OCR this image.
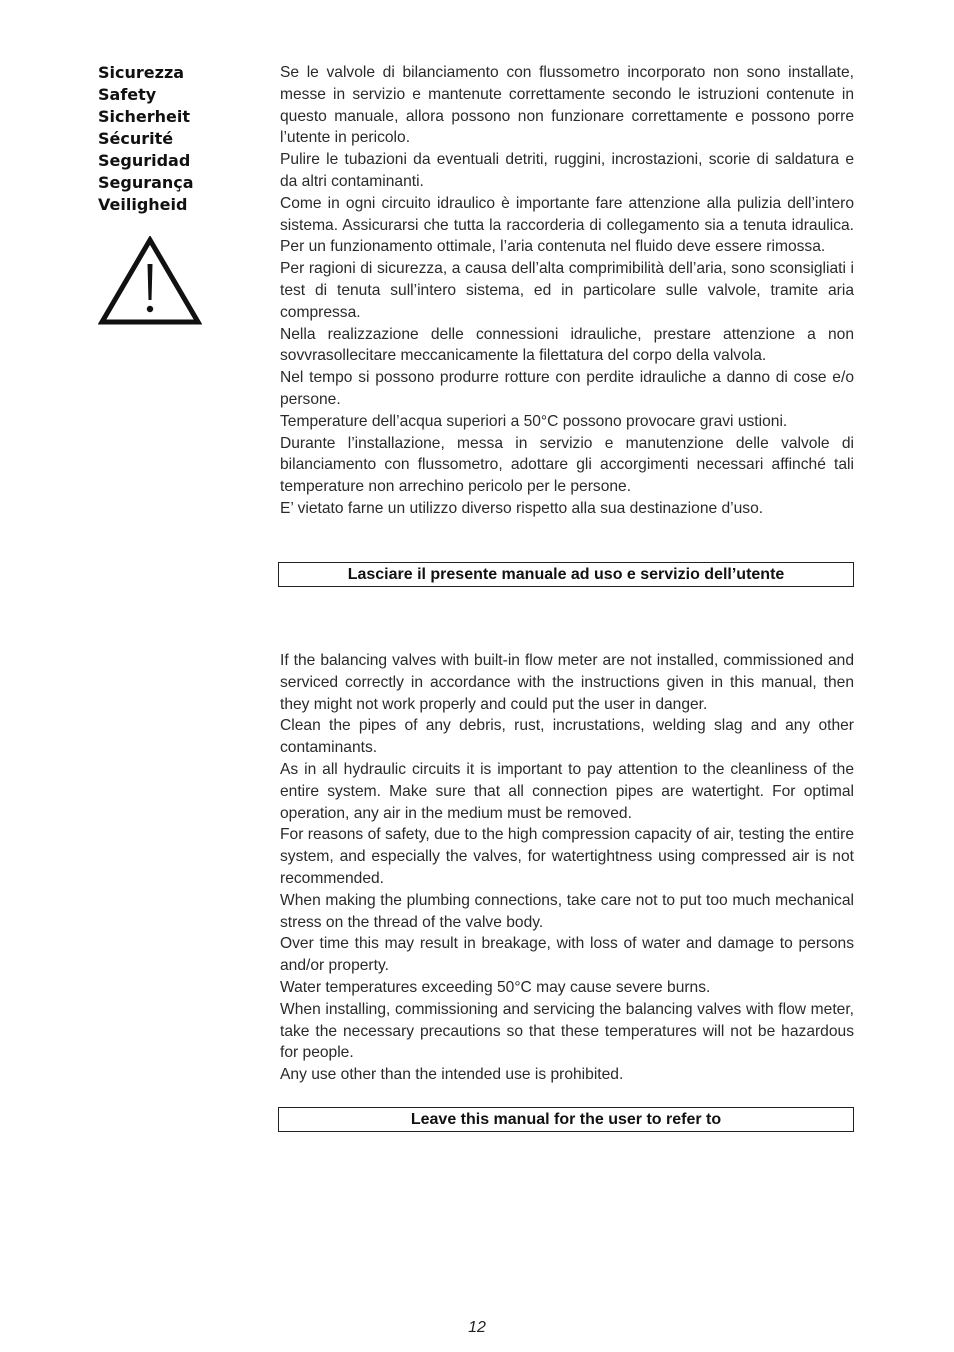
Sicurezza
Safety
Sicherheit
Sécurité
Seguridad
Segurança
Veiligheid

Se le valvole di bilanciamento con flussometro incorporato non sono installate, messe in servizio e mantenute correttamente secondo le istruzioni contenute in questo manuale, allora possono non funzionare correttamente e possono porre l’utente in pericolo.

Pulire le tubazioni da eventuali detriti, ruggini, incrostazioni, scorie di saldatura e da altri contaminanti.

Come in ogni circuito idraulico è importante fare attenzione alla pulizia dell’intero sistema. Assicurarsi che tutta la raccorderia di collegamento sia a tenuta idraulica. Per un funzionamento ottimale, l’aria contenuta nel fluido deve essere rimossa.

Per ragioni di sicurezza, a causa dell’alta comprimibilità dell’aria, sono sconsigliati i test di tenuta sull’intero sistema, ed in particolare sulle valvole, tramite aria compressa.

Nella realizzazione delle connessioni idrauliche, prestare attenzione a non sovvrasollecitare meccanicamente la filettatura del corpo della valvola.

Nel tempo si possono produrre rotture con perdite idrauliche a danno di cose e/o persone.

Temperature dell’acqua superiori a 50°C possono provocare gravi ustioni.

Durante l’installazione, messa in servizio e manutenzione delle valvole di bilanciamento con flussometro, adottare gli accorgimenti necessari affinché tali temperature non arrechino pericolo per le persone.

E’ vietato farne un utilizzo diverso rispetto alla sua destinazione d’uso.

Lasciare il presente manuale ad uso e servizio dell’utente

If the balancing valves with built-in flow meter are not installed, commissioned and serviced correctly in accordance with the instructions given in this manual, then they might not work properly and could put the user in danger.

Clean the pipes of any debris, rust, incrustations, welding slag and any other contaminants.

As in all hydraulic circuits it is important to pay attention to the cleanliness of the entire system. Make sure that all connection pipes are watertight. For optimal operation, any air in the medium must be removed.

For reasons of safety, due to the high compression capacity of air, testing the entire system, and especially the valves, for watertightness using compressed air is not recommended.

When making the plumbing connections, take care not to put too much mechanical stress on the thread of the valve body.

Over time this may result in breakage, with loss of water and damage to persons and/or property.

Water temperatures exceeding 50°C may cause severe burns.

When installing, commissioning and servicing the balancing valves with flow meter, take the necessary precautions so that these temperatures will not be hazardous for people.

Any use other than the intended use is prohibited.

Leave this manual for the user to refer to
12
